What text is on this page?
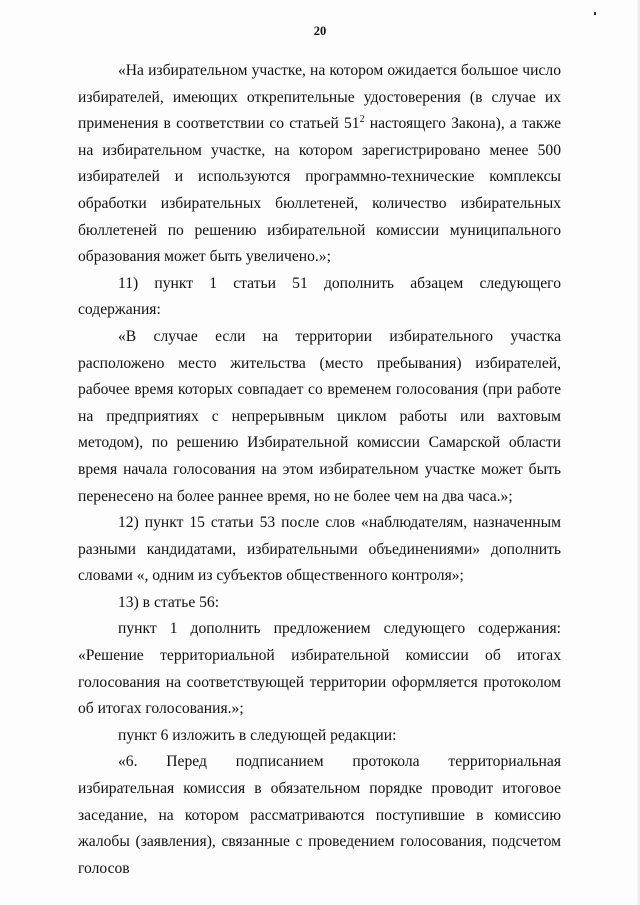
20

«На избирательном участке, на котором ожидается большое число избирателей, имеющих открепительные удостоверения (в случае их применения в соответствии со статьей $51^2$ настоящего Закона), а также на избирательном участке, на котором зарегистрировано менее 500 избирателей и используются программно-технические комплексы обработки избирательных бюллетеней, количество избирательных бюллетеней по решению избирательной комиссии муниципального образования может быть увеличено.»;

11) пункт 1 статьи 51 дополнить абзацем следующего содержания:

«В случае если на территории избирательного участка расположено место жительства (место пребывания) избирателей, рабочее время которых совпадает со временем голосования (при работе на предприятиях с непрерывным циклом работы или вахтовым методом), по решению Избирательной комиссии Самарской области время начала голосования на этом избирательном участке может быть перенесено на более раннее время, но не более чем на два часа.»;

12) пункт 15 статьи 53 после слов «наблюдателям, назначенным разными кандидатами, избирательными объединениями» дополнить словами «, одним из субъектов общественного контроля»;

13) в статье 56:

пункт 1 дополнить предложением следующего содержания: «Решение территориальной избирательной комиссии об итогах голосования на соответствующей территории оформляется протоколом об итогах голосования.»;

пункт 6 изложить в следующей редакции:

«6. Перед подписанием протокола территориальная избирательная комиссия в обязательном порядке проводит итоговое заседание, на котором рассматриваются поступившие в комиссию жалобы (заявления), связанные с проведением голосования, подсчетом голосов
